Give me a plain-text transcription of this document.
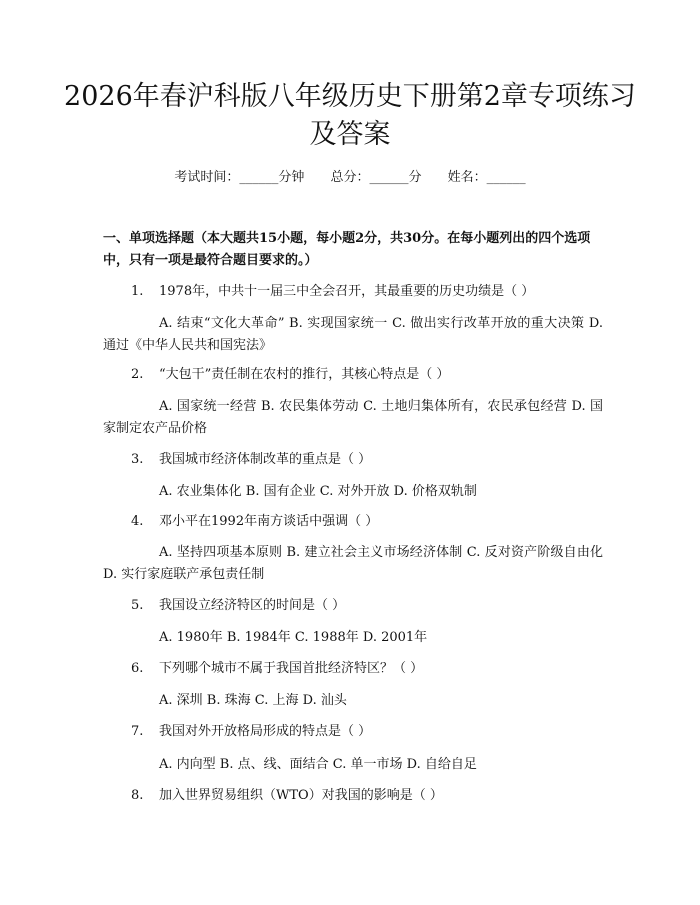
2026年春沪科版八年级历史下册第2章专项练习及答案
考试时间：______分钟 总分：______分 姓名：______

一、单项选择题（本大题共15小题，每小题2分，共30分。在每小题列出的四个选项中，只有一项是最符合题目要求的。）

1. 1978年，中共十一届三中全会召开，其最重要的历史功绩是（ ）
A. 结束“文化大革命” B. 实现国家统一 C. 做出实行改革开放的重大决策 D. 通过《中华人民共和国宪法》
2. “大包干”责任制在农村的推行，其核心特点是（ ）
A. 国家统一经营 B. 农民集体劳动 C. 土地归集体所有，农民承包经营 D. 国家制定农产品价格
3. 我国城市经济体制改革的重点是（ ）
A. 农业集体化 B. 国有企业 C. 对外开放 D. 价格双轨制
4. 邓小平在1992年南方谈话中强调（ ）
A. 坚持四项基本原则 B. 建立社会主义市场经济体制 C. 反对资产阶级自由化 D. 实行家庭联产承包责任制
5. 我国设立经济特区的时间是（ ）
A. 1980年 B. 1984年 C. 1988年 D. 2001年
6. 下列哪个城市不属于我国首批经济特区？（ ）
A. 深圳 B. 珠海 C. 上海 D. 汕头
7. 我国对外开放格局形成的特点是（ ）
A. 内向型 B. 点、线、面结合 C. 单一市场 D. 自给自足
8. 加入世界贸易组织（WTO）对我国的影响是（ ）
